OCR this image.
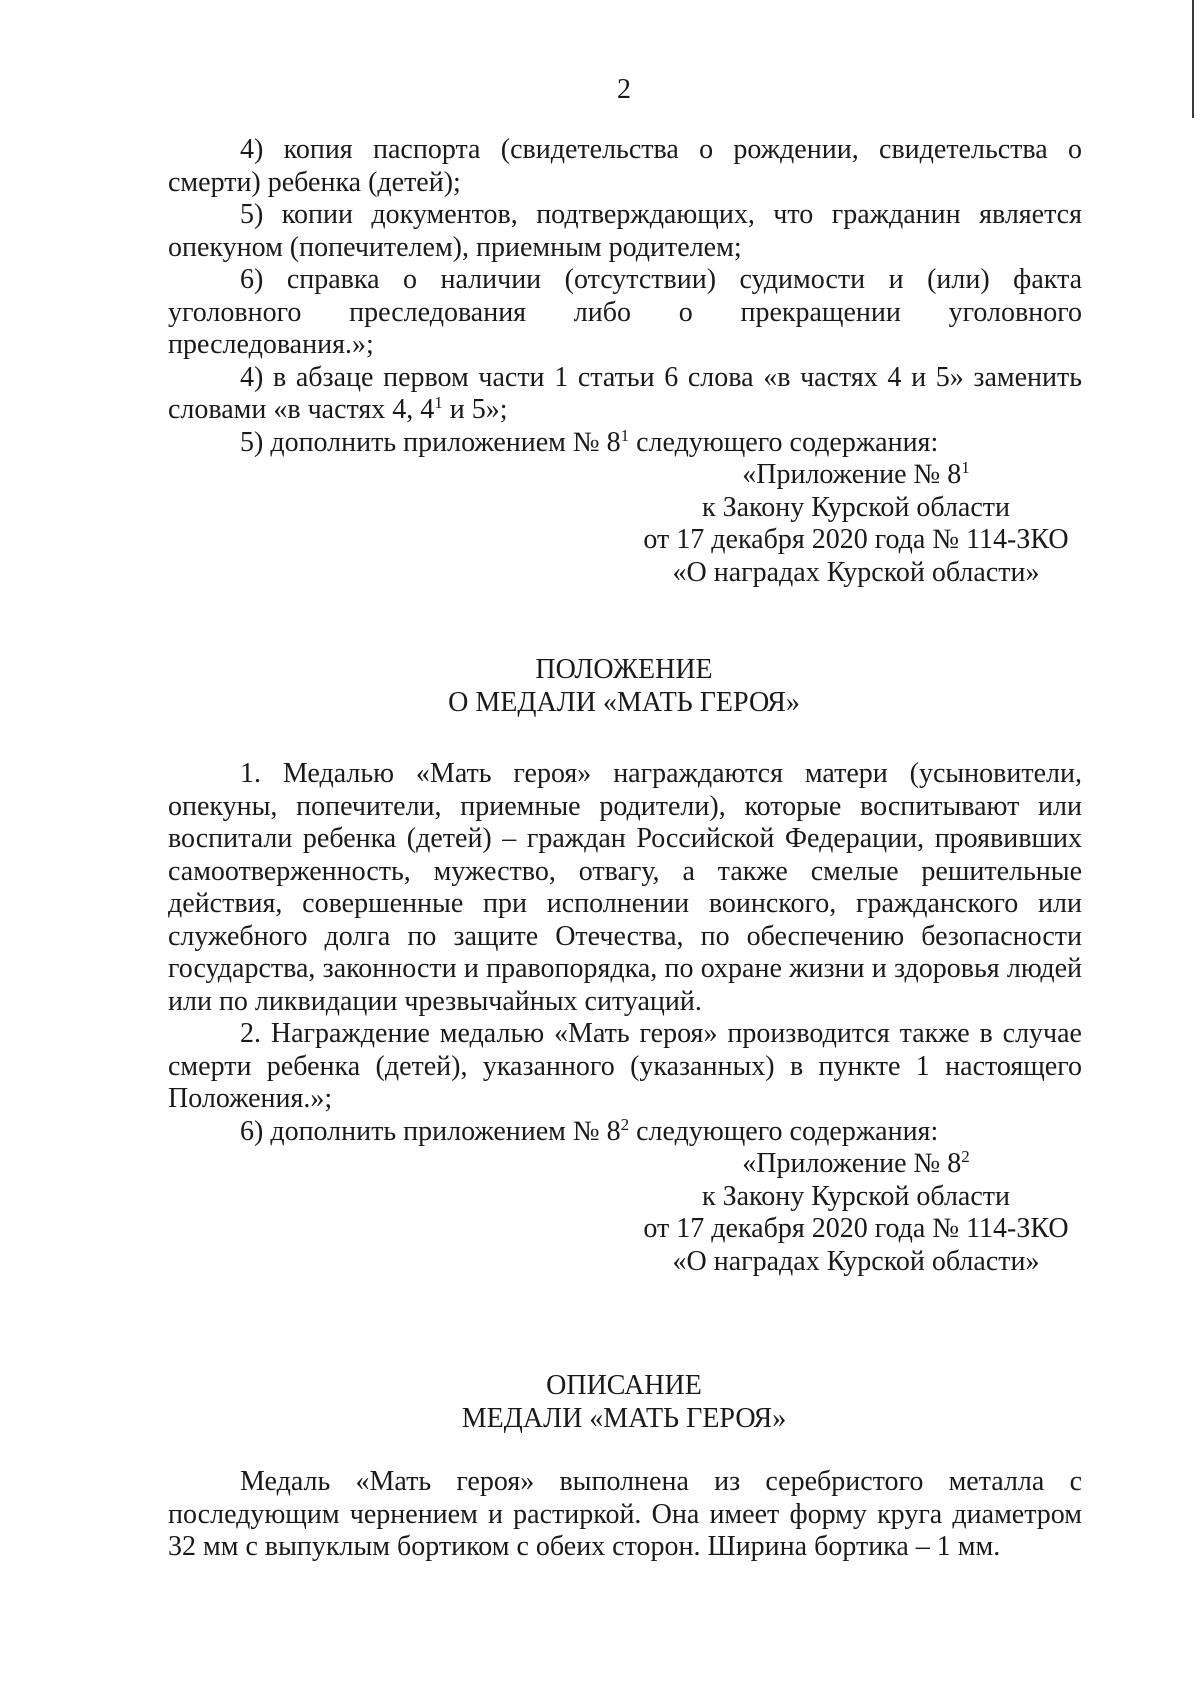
2

4) копия паспорта (свидетельства о рождении, свидетельства о смерти) ребенка (детей);

5) копии документов, подтверждающих, что гражданин является опекуном (попечителем), приемным родителем;

6) справка о наличии (отсутствии) судимости и (или) факта уголовного преследования либо о прекращении уголовного преследования.»;

4) в абзаце первом части 1 статьи 6 слова «в частях 4 и 5» заменить словами «в частях 4, $4^1$ и 5»;

5) дополнить приложением № $8^1$ следующего содержания:

«Приложение № $8^1$
к Закону Курской области
от 17 декабря 2020 года № 114-ЗКО
«О наградах Курской области»
ПОЛОЖЕНИЕ
О МЕДАЛИ «МАТЬ ГЕРОЯ»

1. Медалью «Мать героя» награждаются матери (усыновители, опекуны, попечители, приемные родители), которые воспитывают или воспитали ребенка (детей) – граждан Российской Федерации, проявивших самоотверженность, мужество, отвагу, а также смелые решительные действия, совершенные при исполнении воинского, гражданского или служебного долга по защите Отечества, по обеспечению безопасности государства, законности и правопорядка, по охране жизни и здоровья людей или по ликвидации чрезвычайных ситуаций.

2. Награждение медалью «Мать героя» производится также в случае смерти ребенка (детей), указанного (указанных) в пункте 1 настоящего Положения.»;

6) дополнить приложением № $8^2$ следующего содержания:

«Приложение № $8^2$
к Закону Курской области
от 17 декабря 2020 года № 114-ЗКО
«О наградах Курской области»
ОПИСАНИЕ
МЕДАЛИ «МАТЬ ГЕРОЯ»

Медаль «Мать героя» выполнена из серебристого металла с последующим чернением и растиркой. Она имеет форму круга диаметром 32 мм с выпуклым бортиком с обеих сторон. Ширина бортика – 1 мм.
